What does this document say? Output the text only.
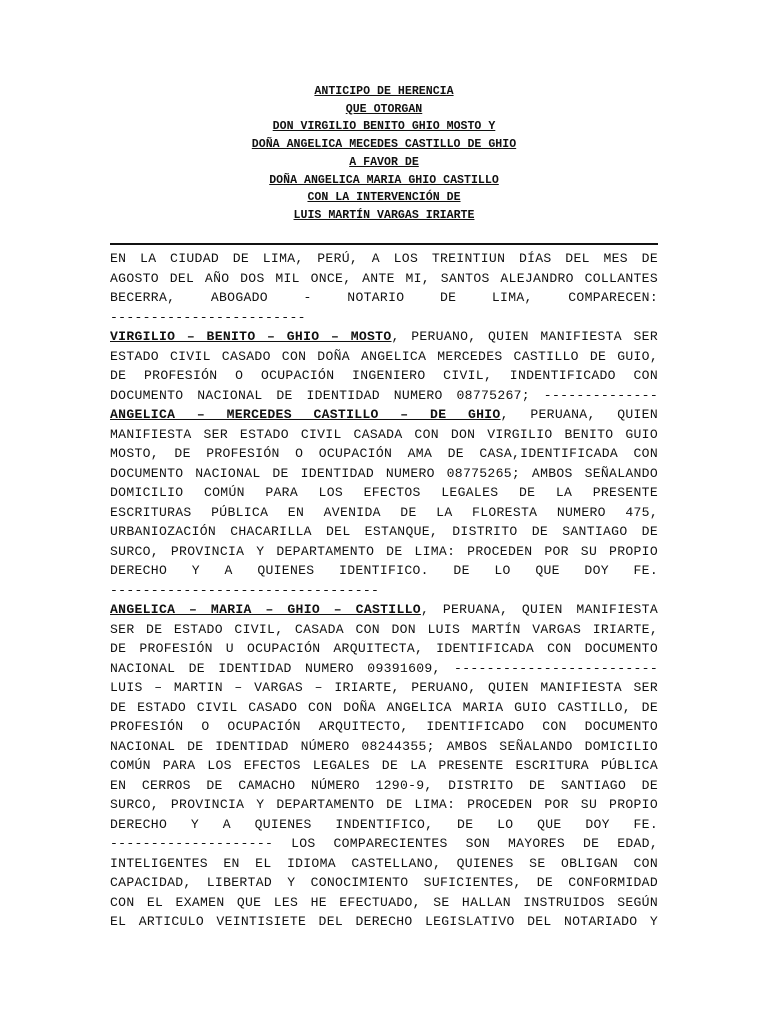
ANTICIPO DE HERENCIA
QUE OTORGAN
DON VIRGILIO BENITO GHIO MOSTO Y
DOÑA ANGELICA MECEDES CASTILLO DE GHIO
A FAVOR DE
DOÑA ANGELICA MARIA GHIO CASTILLO
CON LA INTERVENCIÓN DE
LUIS MARTÍN VARGAS IRIARTE
EN LA CIUDAD DE LIMA, PERÚ, A LOS TREINTIUN DÍAS DEL MES DE
AGOSTO DEL AÑO DOS MIL ONCE, ANTE MI, SANTOS ALEJANDRO COLLANTES
BECERRA, ABOGADO - NOTARIO DE LIMA, COMPARECEN:
------------------------
VIRGILIO – BENITO – GHIO – MOSTO, PERUANO, QUIEN MANIFIESTA SER
ESTADO CIVIL CASADO CON DOÑA ANGELICA MERCEDES CASTILLO DE GUIO,
DE PROFESIÓN O OCUPACIÓN INGENIERO CIVIL, INDENTIFICADO CON
DOCUMENTO NACIONAL DE IDENTIDAD NUMERO 08775267; --------------
ANGELICA – MERCEDES CASTILLO – DE GHIO, PERUANA, QUIEN
MANIFIESTA SER ESTADO CIVIL CASADA CON DON VIRGILIO BENITO GUIO
MOSTO, DE PROFESIÓN O OCUPACIÓN AMA DE CASA,IDENTIFICADA CON
DOCUMENTO NACIONAL DE IDENTIDAD NUMERO 08775265; AMBOS SEÑALANDO
DOMICILIO COMÚN PARA LOS EFECTOS LEGALES DE LA PRESENTE
ESCRITURAS PÚBLICA EN AVENIDA DE LA FLORESTA NUMERO 475,
URBANIOZACIÓN CHACARILLA DEL ESTANQUE, DISTRITO DE SANTIAGO DE
SURCO, PROVINCIA Y DEPARTAMENTO DE LIMA: PROCEDEN POR SU PROPIO
DERECHO Y A QUIENES IDENTIFICO. DE LO QUE DOY FE.
---------------------------------
ANGELICA – MARIA – GHIO – CASTILLO, PERUANA, QUIEN MANIFIESTA
SER DE ESTADO CIVIL, CASADA CON DON LUIS MARTÍN VARGAS IRIARTE,
DE PROFESIÓN U OCUPACIÓN ARQUITECTA, IDENTIFICADA CON DOCUMENTO
NACIONAL DE IDENTIDAD NUMERO 09391609, -------------------------
LUIS – MARTIN – VARGAS – IRIARTE, PERUANO, QUIEN MANIFIESTA SER
DE ESTADO CIVIL CASADO CON DOÑA ANGELICA MARIA GUIO CASTILLO, DE
PROFESIÓN O OCUPACIÓN ARQUITECTO, IDENTIFICADO CON DOCUMENTO
NACIONAL DE IDENTIDAD NÚMERO 08244355; AMBOS SEÑALANDO DOMICILIO
COMÚN PARA LOS EFECTOS LEGALES DE LA PRESENTE ESCRITURA PÚBLICA
EN CERROS DE CAMACHO NÚMERO 1290-9, DISTRITO DE SANTIAGO DE
SURCO, PROVINCIA Y DEPARTAMENTO DE LIMA: PROCEDEN POR SU PROPIO
DERECHO Y A QUIENES INDENTIFICO, DE LO QUE DOY FE.
-------------------- LOS COMPARECIENTES SON MAYORES DE EDAD,
INTELIGENTES EN EL IDIOMA CASTELLANO, QUIENES SE OBLIGAN CON
CAPACIDAD, LIBERTAD Y CONOCIMIENTO SUFICIENTES, DE CONFORMIDAD
CON EL EXAMEN QUE LES HE EFECTUADO, SE HALLAN INSTRUIDOS SEGÚN
EL ARTICULO VEINTISIETE DEL DERECHO LEGISLATIVO DEL NOTARIADO Y
